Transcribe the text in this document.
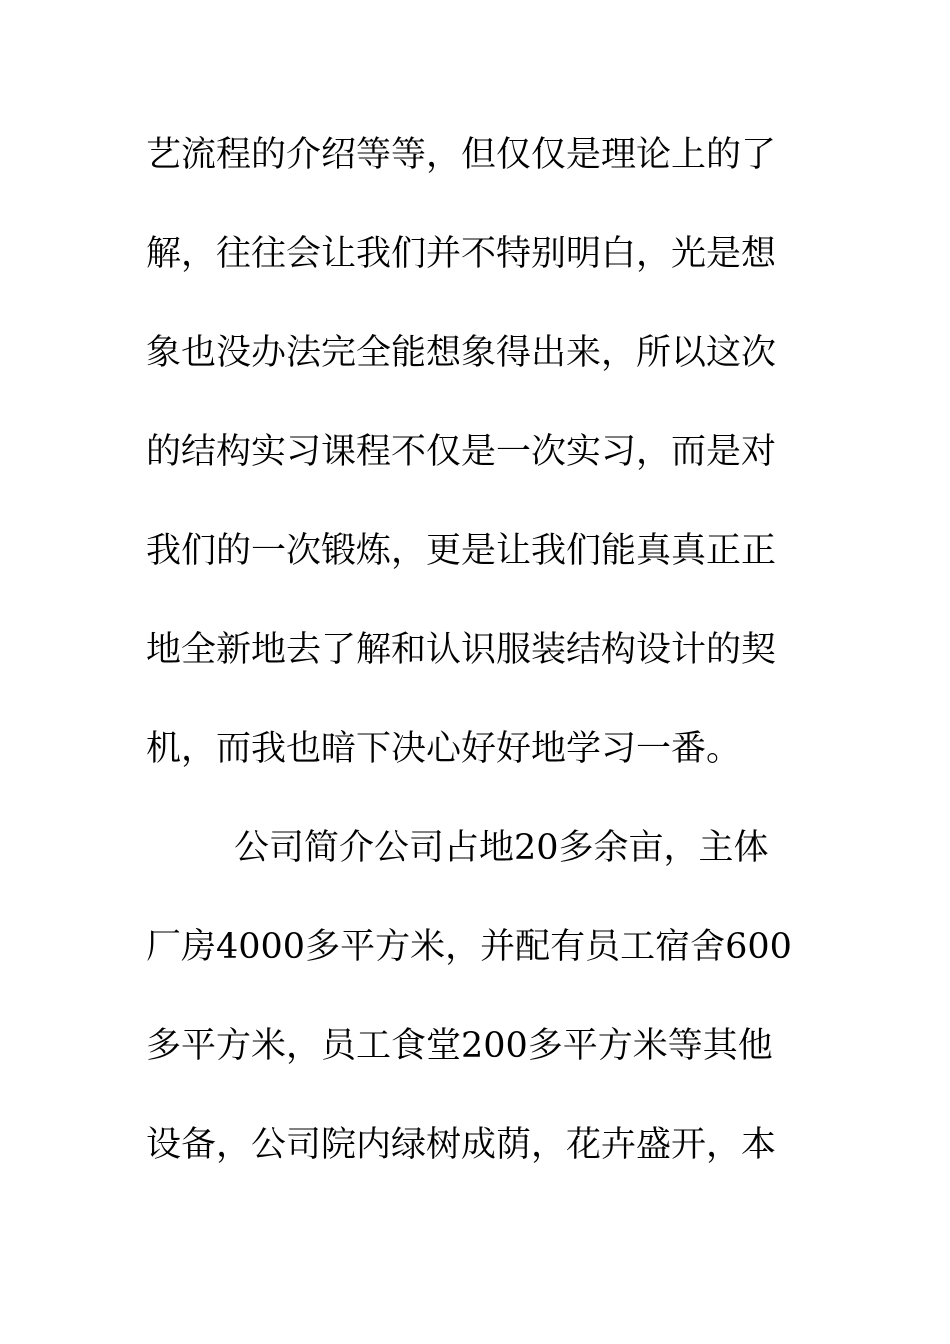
艺流程的介绍等等，但仅仅是理论上的了
解，往往会让我们并不特别明白，光是想
象也没办法完全能想象得出来，所以这次
的结构实习课程不仅是一次实习，而是对
我们的一次锻炼，更是让我们能真真正正
地全新地去了解和认识服装结构设计的契
机，而我也暗下决心好好地学习一番。
公司简介公司占地20多余亩，主体
厂房4000多平方米，并配有员工宿舍600
多平方米，员工食堂200多平方米等其他
设备，公司院内绿树成荫，花卉盛开，本
